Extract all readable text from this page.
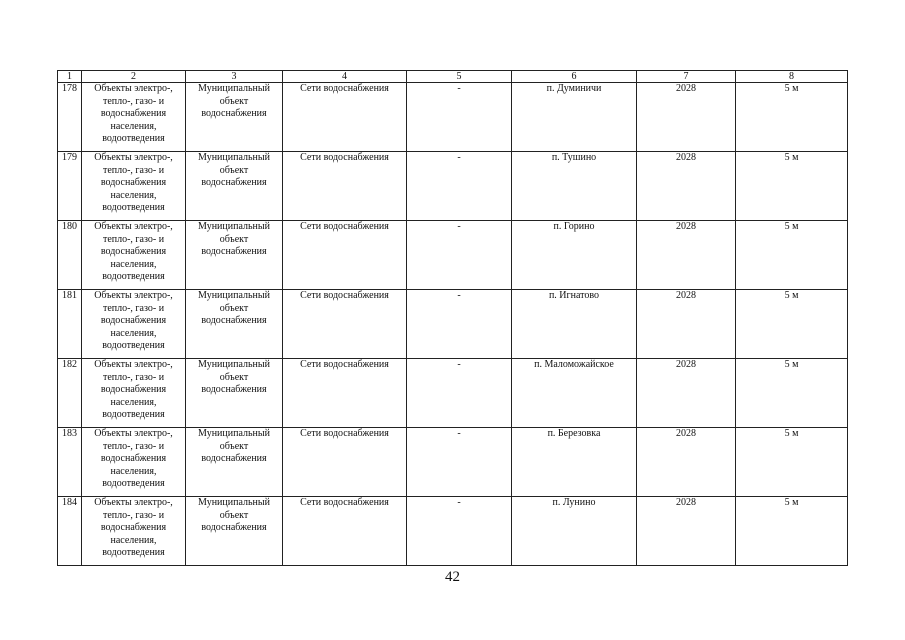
1	2	3	4	5	6	7	8
178	Объекты электро-, тепло-, газо- и водоснабжения населения, водоотведения	Муниципальный объект водоснабжения	Сети водоснабжения	-	п. Думиничи	2028	5 м
179	Объекты электро-, тепло-, газо- и водоснабжения населения, водоотведения	Муниципальный объект водоснабжения	Сети водоснабжения	-	п. Тушино	2028	5 м
180	Объекты электро-, тепло-, газо- и водоснабжения населения, водоотведения	Муниципальный объект водоснабжения	Сети водоснабжения	-	п. Горино	2028	5 м
181	Объекты электро-, тепло-, газо- и водоснабжения населения, водоотведения	Муниципальный объект водоснабжения	Сети водоснабжения	-	п. Игнатово	2028	5 м
182	Объекты электро-, тепло-, газо- и водоснабжения населения, водоотведения	Муниципальный объект водоснабжения	Сети водоснабжения	-	п. Маломожайское	2028	5 м
183	Объекты электро-, тепло-, газо- и водоснабжения населения, водоотведения	Муниципальный объект водоснабжения	Сети водоснабжения	-	п. Березовка	2028	5 м
184	Объекты электро-, тепло-, газо- и водоснабжения населения, водоотведения	Муниципальный объект водоснабжения	Сети водоснабжения	-	п. Лунино	2028	5 м
42
